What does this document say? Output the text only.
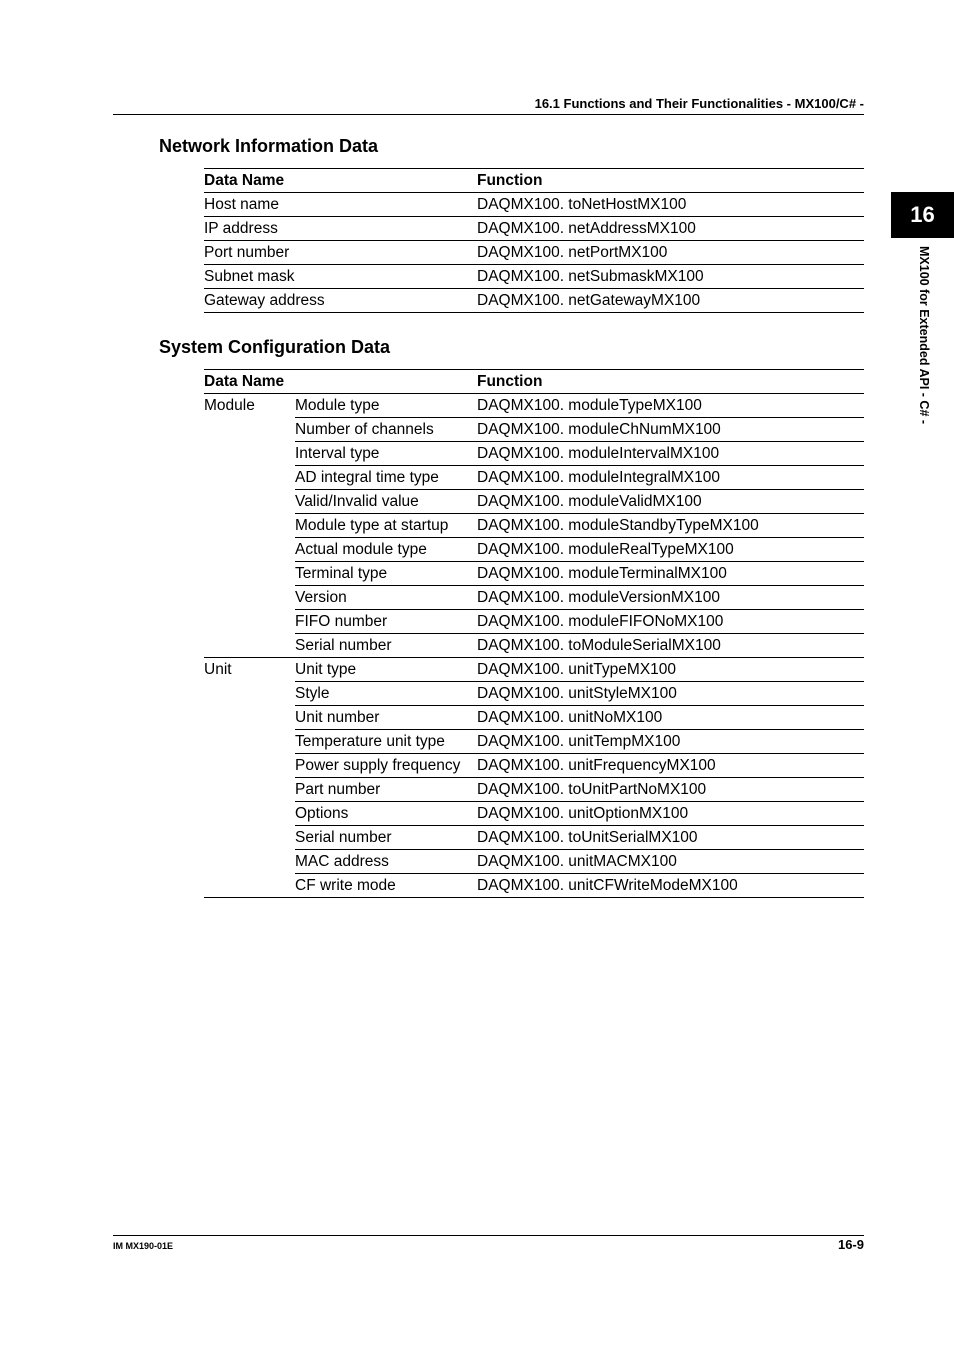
16.1 Functions and Their Functionalities - MX100/C# -
16
MX100 for Extended API - C# -
Network Information Data
Data Name	Function
Host name	DAQMX100. toNetHostMX100
IP address	DAQMX100. netAddressMX100
Port number	DAQMX100. netPortMX100
Subnet mask	DAQMX100. netSubmaskMX100
Gateway address	DAQMX100. netGatewayMX100
System Configuration Data
Data Name		Function
Module	Module type	DAQMX100. moduleTypeMX100
	Number of channels	DAQMX100. moduleChNumMX100
	Interval type	DAQMX100. moduleIntervalMX100
	AD integral time type	DAQMX100. moduleIntegralMX100
	Valid/Invalid value	DAQMX100. moduleValidMX100
	Module type at startup	DAQMX100. moduleStandbyTypeMX100
	Actual module type	DAQMX100. moduleRealTypeMX100
	Terminal type	DAQMX100. moduleTerminalMX100
	Version	DAQMX100. moduleVersionMX100
	FIFO number	DAQMX100. moduleFIFONoMX100
	Serial number	DAQMX100. toModuleSerialMX100
Unit	Unit type	DAQMX100. unitTypeMX100
	Style	DAQMX100. unitStyleMX100
	Unit number	DAQMX100. unitNoMX100
	Temperature unit type	DAQMX100. unitTempMX100
	Power supply frequency	DAQMX100. unitFrequencyMX100
	Part number	DAQMX100. toUnitPartNoMX100
	Options	DAQMX100. unitOptionMX100
	Serial number	DAQMX100. toUnitSerialMX100
	MAC address	DAQMX100. unitMACMX100
	CF write mode	DAQMX100. unitCFWriteModeMX100
IM MX190-01E	16-9
